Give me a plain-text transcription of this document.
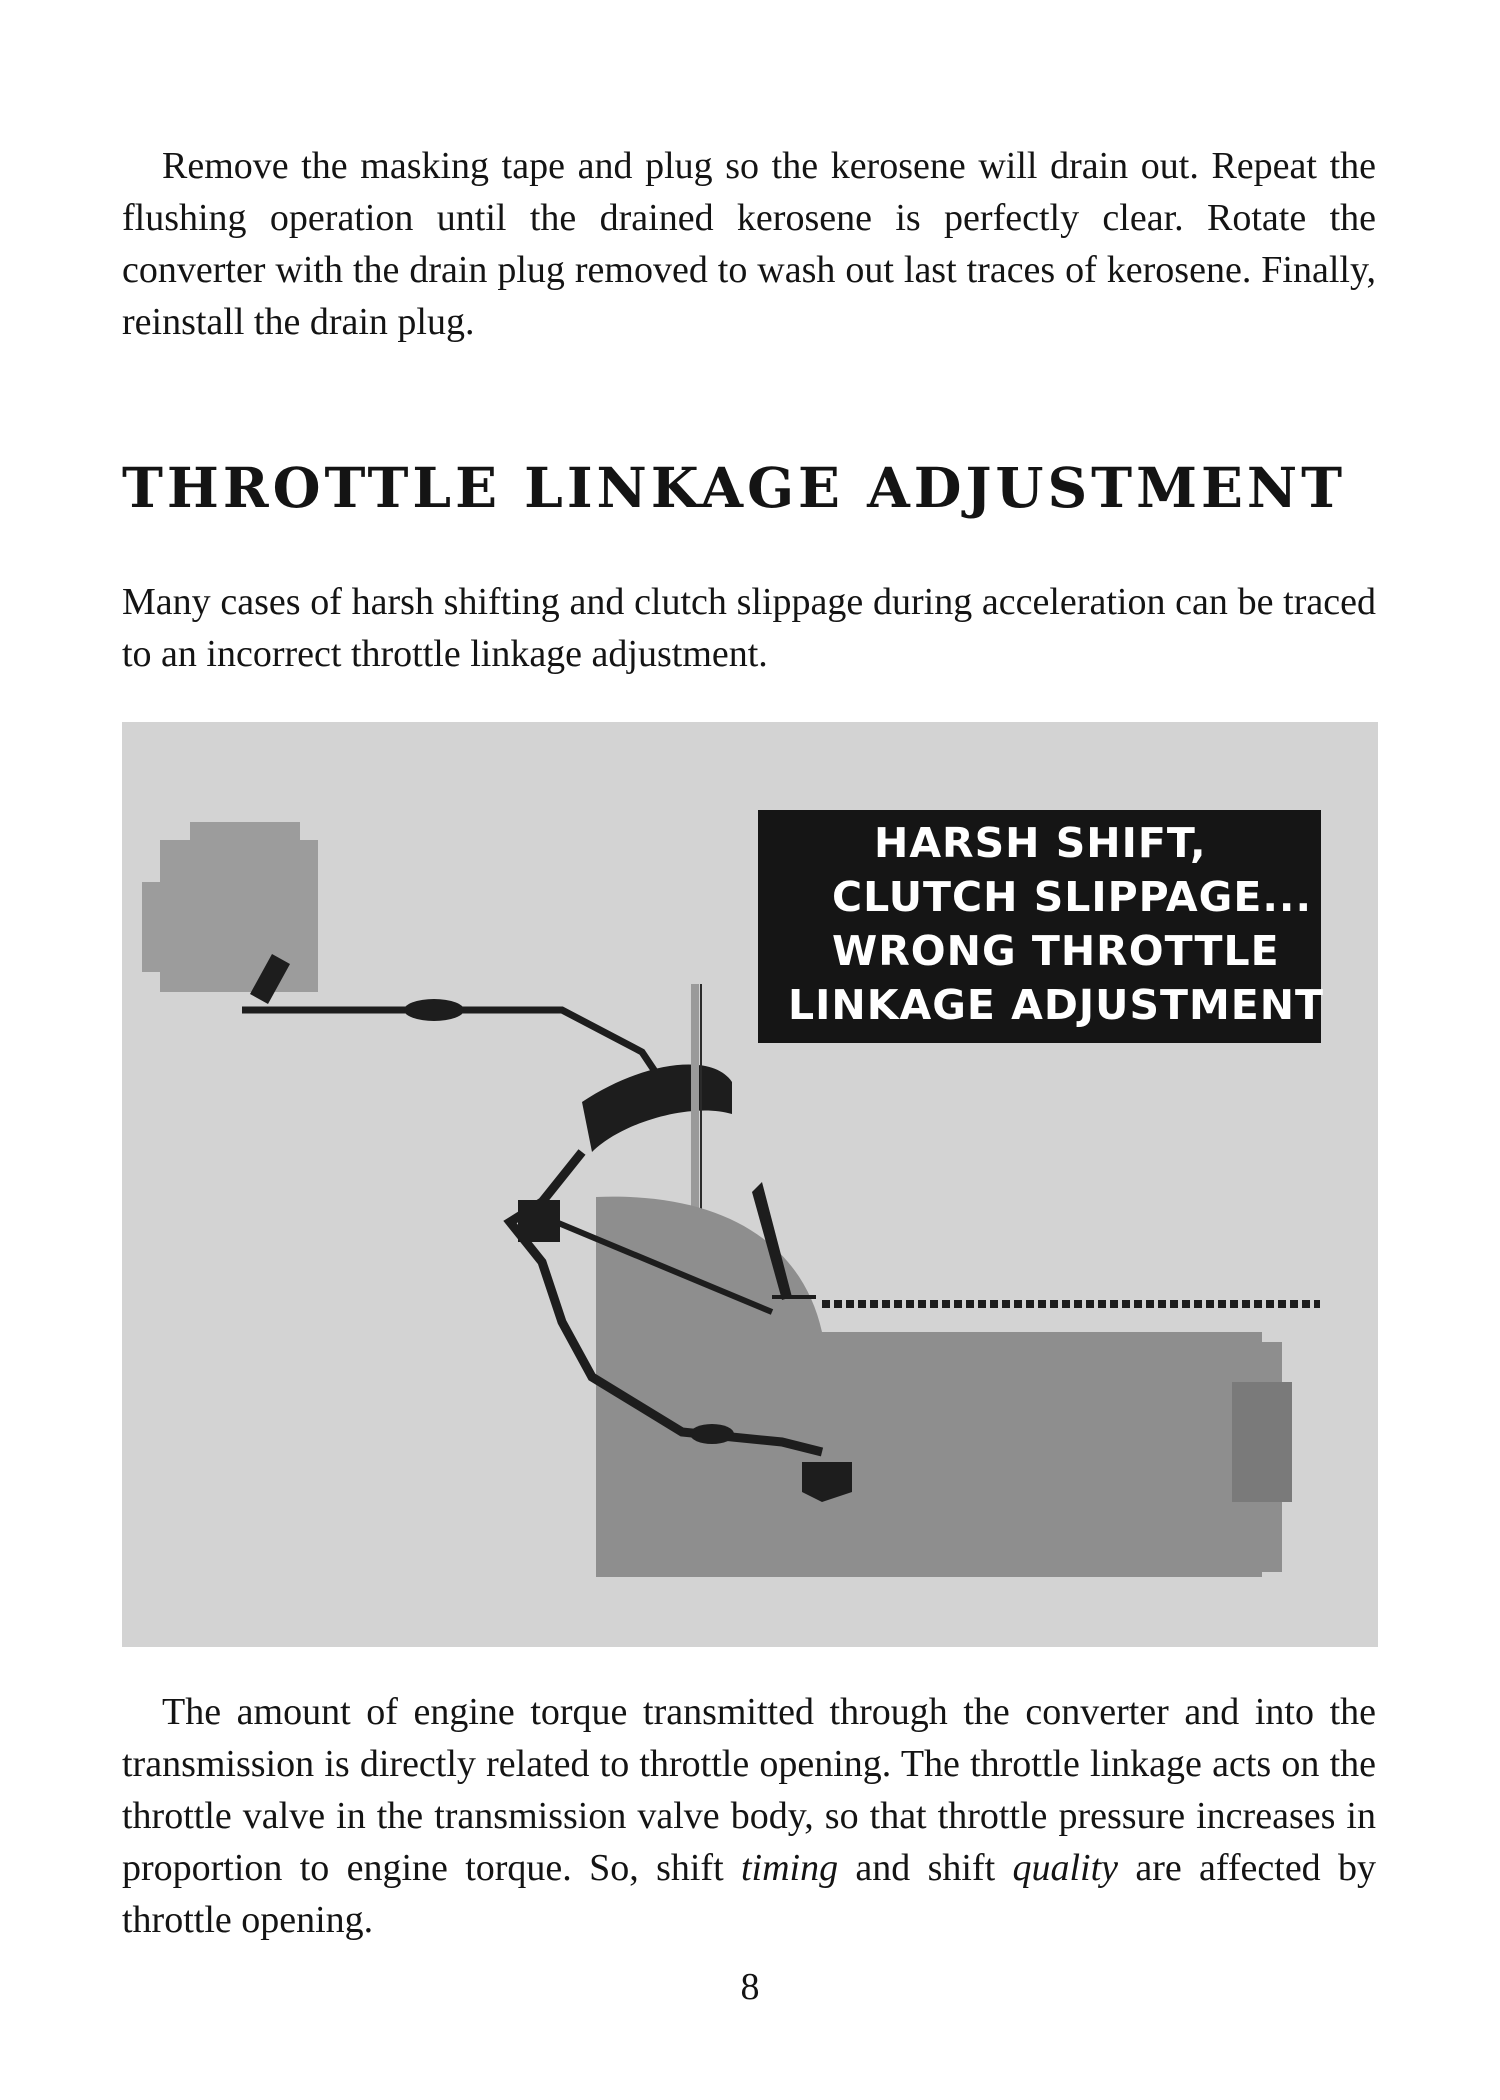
Remove the masking tape and plug so the kerosene will drain out. Repeat the flushing operation until the drained kerosene is perfectly clear. Rotate the converter with the drain plug removed to wash out last traces of kerosene. Finally, reinstall the drain plug.

THROTTLE LINKAGE ADJUSTMENT

Many cases of harsh shifting and clutch slippage during acceleration can be traced to an incorrect throttle linkage adjustment.

HARSH SHIFT,
CLUTCH SLIPPAGE...
WRONG THROTTLE
LINKAGE ADJUSTMENT

The amount of engine torque transmitted through the converter and into the transmission is directly related to throttle opening. The throttle linkage acts on the throttle valve in the transmission valve body, so that throttle pressure increases in proportion to engine torque. So, shift timing and shift quality are affected by throttle opening.

8
